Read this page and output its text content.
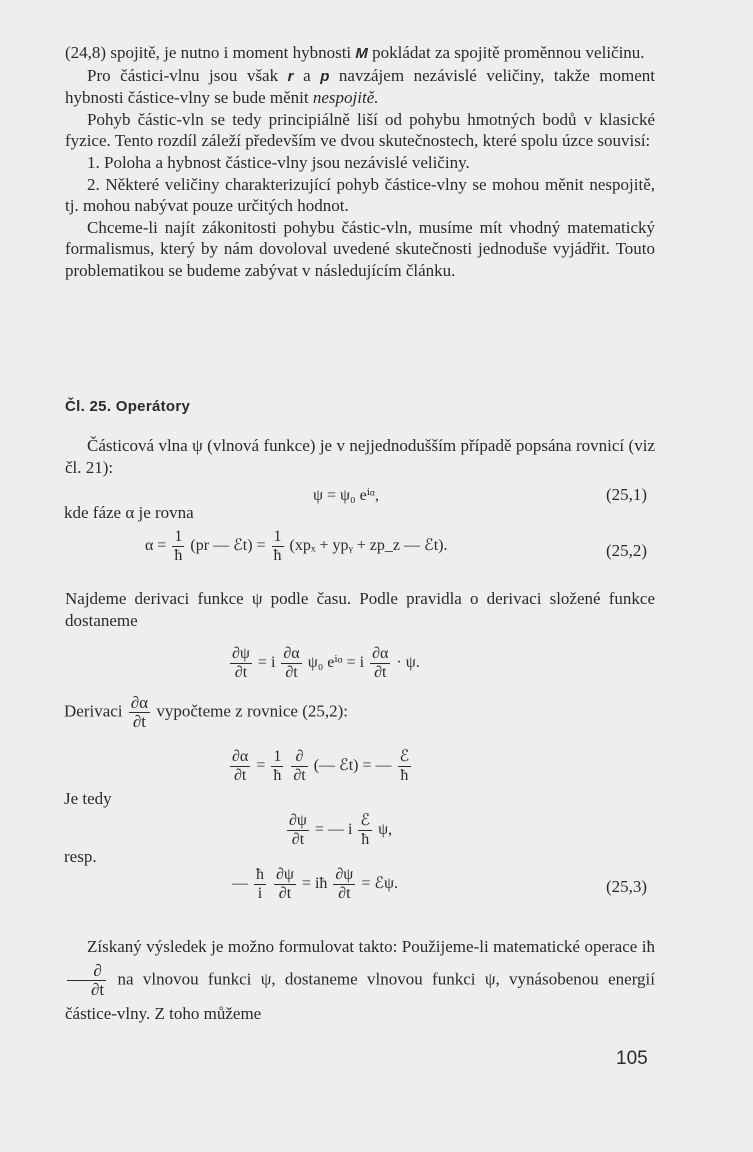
(24,8) spojitě, je nutno i moment hybnosti M pokládat za spojitě proměnnou veličinu.

Pro částici-vlnu jsou však r a p navzájem nezávislé veličiny, takže moment hybnosti částice-vlny se bude měnit nespojitě.

Pohyb částic-vln se tedy principiálně liší od pohybu hmotných bodů v klasické fyzice. Tento rozdíl záleží především ve dvou skutečnostech, které spolu úzce souvisí:

1. Poloha a hybnost částice-vlny jsou nezávislé veličiny.

2. Některé veličiny charakterizující pohyb částice-vlny se mohou měnit nespojitě, tj. mohou nabývat pouze určitých hodnot.

Chceme-li najít zákonitosti pohybu částic-vln, musíme mít vhodný matematický formalismus, který by nám dovoloval uvedené skutečnosti jednoduše vyjádřit. Touto problematikou se budeme zabývat v následujícím článku.

Čl. 25. Operátory

Částicová vlna ψ (vlnová funkce) je v nejjednodušším případě popsána rovnicí (viz čl. 21):

ψ = ψ₀ eⁱᵅ,	(25,1)
kde fáze α je rovna
$\alpha = \frac{1}{ħ} (pr$ — ℰt) = $\frac{1}{ħ} (xp_x$ + ypᵧ + zp_z — ℰt).	(25,2)

Najdeme derivaci funkce ψ podle času. Podle pravidla o derivaci složené funkce dostaneme

$\frac{\partial\psi}{\partial t} = i \frac{\partial\alpha}{\partial t} \psi_0$ eⁱᵅ = i $\frac{\partial\alpha}{\partial t} \cdot \psi$.
Derivaci $\frac{\partial\alpha}{\partial t}$ vypočteme z rovnice (25,2):
$\frac{\partial\alpha}{\partial t} = \frac{1}{ħ}$
$\frac{\partial}{\partial t}$ (— ℰt) = — $\frac{\text{ℰ}}{ħ}$
Je tedy
$\frac{\partial\psi}{\partial t}$ = — i $\frac{\text{ℰ}}{ħ} \psi$,
resp.
— $\frac{ħ}{i}$
$\frac{\partial\psi}{\partial t}$ = iħ $\frac{\partial\psi}{\partial t}$ = ℰψ.	(25,3)

Získaný výsledek je možno formulovat takto: Použijeme-li matematické operace iħ
$\frac{\partial}{\partial t}$ na vlnovou funkci ψ, dostaneme vlnovou funkci ψ, vynásobenou energií částice-vlny. Z toho můžeme

105
